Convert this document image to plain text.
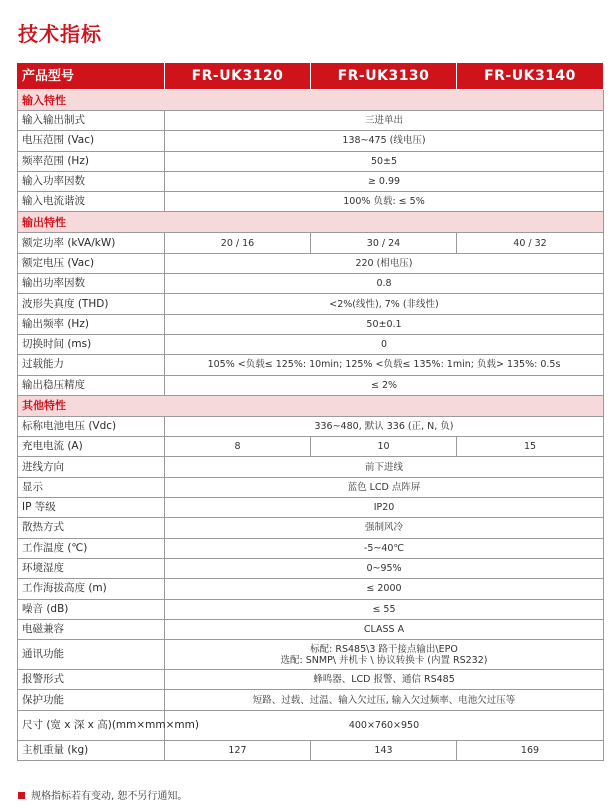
技术指标
产品型号	FR-UK3120	FR-UK3130	FR-UK3140
输入特性			
输入输出制式	三进单出		
电压范围 (Vac)	138~475 (线电压)		
频率范围 (Hz)	50±5		
输入功率因数	≥ 0.99		
输入电流谐波	100% 负载: ≤ 5%		
输出特性			
额定功率 (kVA/kW)	20 / 16	30 / 24	40 / 32
额定电压 (Vac)	220 (相电压)		
输出功率因数	0.8		
波形失真度 (THD)	<2%(线性), 7% (非线性)		
输出频率 (Hz)	50±0.1		
切换时间 (ms)	0		
过载能力	105% <负载≤ 125%: 10min; 125% <负载≤ 135%: 1min; 负载> 135%: 0.5s		
输出稳压精度	≤ 2%		
其他特性			
标称电池电压 (Vdc)	336~480, 默认 336 (正, N, 负)		
充电电流 (A)	8	10	15
进线方向	前下进线		
显示	蓝色 LCD 点阵屏		
IP 等级	IP20		
散热方式	强制风冷		
工作温度 (℃)	-5~40℃		
环境湿度	0~95%		
工作海拔高度 (m)	≤ 2000		
噪音 (dB)	≤ 55		
电磁兼容	CLASS A		
通讯功能	标配: RS485\3 路干接点输出\EPO
选配: SNMP\ 并机卡 \ 协议转换卡 (内置 RS232)		

报警形式	蜂鸣器、LCD 报警、通信 RS485		
保护功能	短路、过载、过温、输入欠过压, 输入欠过频率、电池欠过压等		
尺寸 (宽 x 深 x 高)(mm×mm×mm)	400×760×950		
主机重量 (kg)	127	143	169
规格指标若有变动, 恕不另行通知。
